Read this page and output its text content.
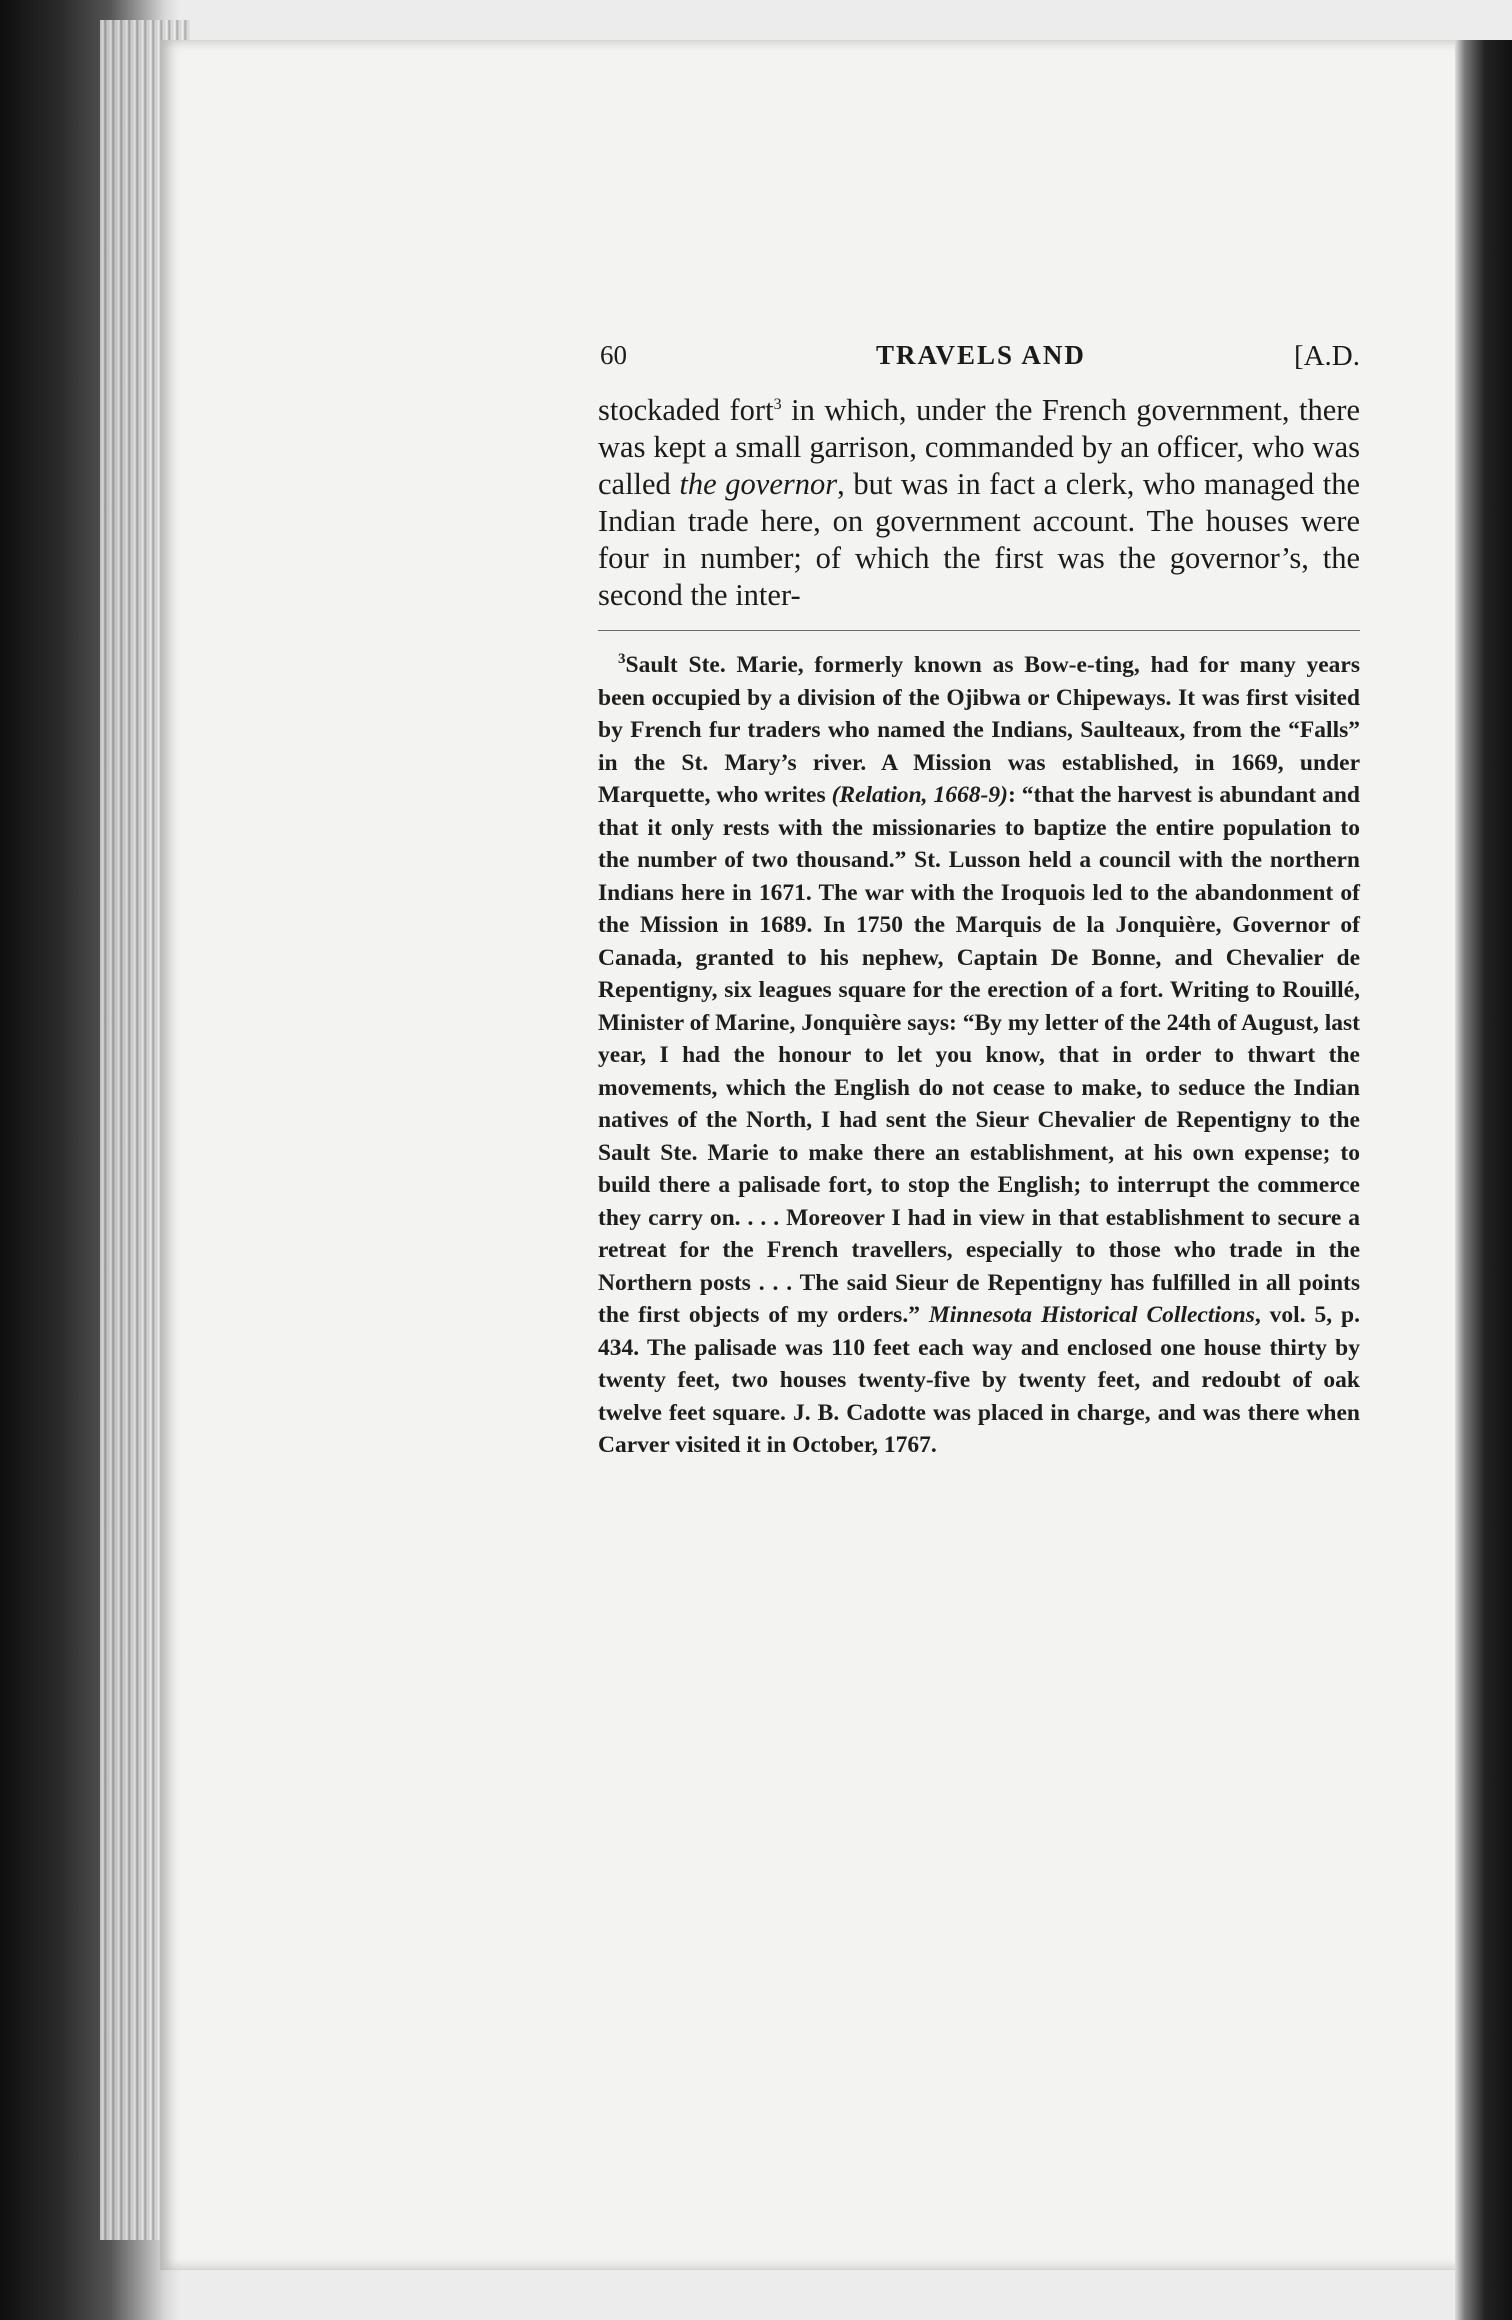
60	TRAVELS AND	[A.D.

stockaded fort$^3$ in which, under the French government, there was kept a small garrison, commanded by an officer, who was called the governor, but was in fact a clerk, who managed the Indian trade here, on government account. The houses were four in number; of which the first was the governor’s, the second the inter-

$^3$Sault Ste. Marie, formerly known as Bow-e-ting, had for many years been occupied by a division of the Ojibwa or Chipeways. It was first visited by French fur traders who named the Indians, Saulteaux, from the “Falls” in the St. Mary’s river. A Mission was established, in 1669, under Marquette, who writes (Relation, 1668-9): “that the harvest is abundant and that it only rests with the missionaries to baptize the entire population to the number of two thousand.” St. Lusson held a council with the northern Indians here in 1671. The war with the Iroquois led to the abandonment of the Mission in 1689. In 1750 the Marquis de la Jonquière, Governor of Canada, granted to his nephew, Captain De Bonne, and Chevalier de Repentigny, six leagues square for the erection of a fort. Writing to Rouillé, Minister of Marine, Jonquière says: “By my letter of the 24th of August, last year, I had the honour to let you know, that in order to thwart the movements, which the English do not cease to make, to seduce the Indian natives of the North, I had sent the Sieur Chevalier de Repentigny to the Sault Ste. Marie to make there an establishment, at his own expense; to build there a palisade fort, to stop the English; to interrupt the commerce they carry on. . . . Moreover I had in view in that establishment to secure a retreat for the French travellers, especially to those who trade in the Northern posts . . . The said Sieur de Repentigny has fulfilled in all points the first objects of my orders.” Minnesota Historical Collections, vol. 5, p. 434. The palisade was 110 feet each way and enclosed one house thirty by twenty feet, two houses twenty-five by twenty feet, and redoubt of oak twelve feet square. J. B. Cadotte was placed in charge, and was there when Carver visited it in October, 1767.
